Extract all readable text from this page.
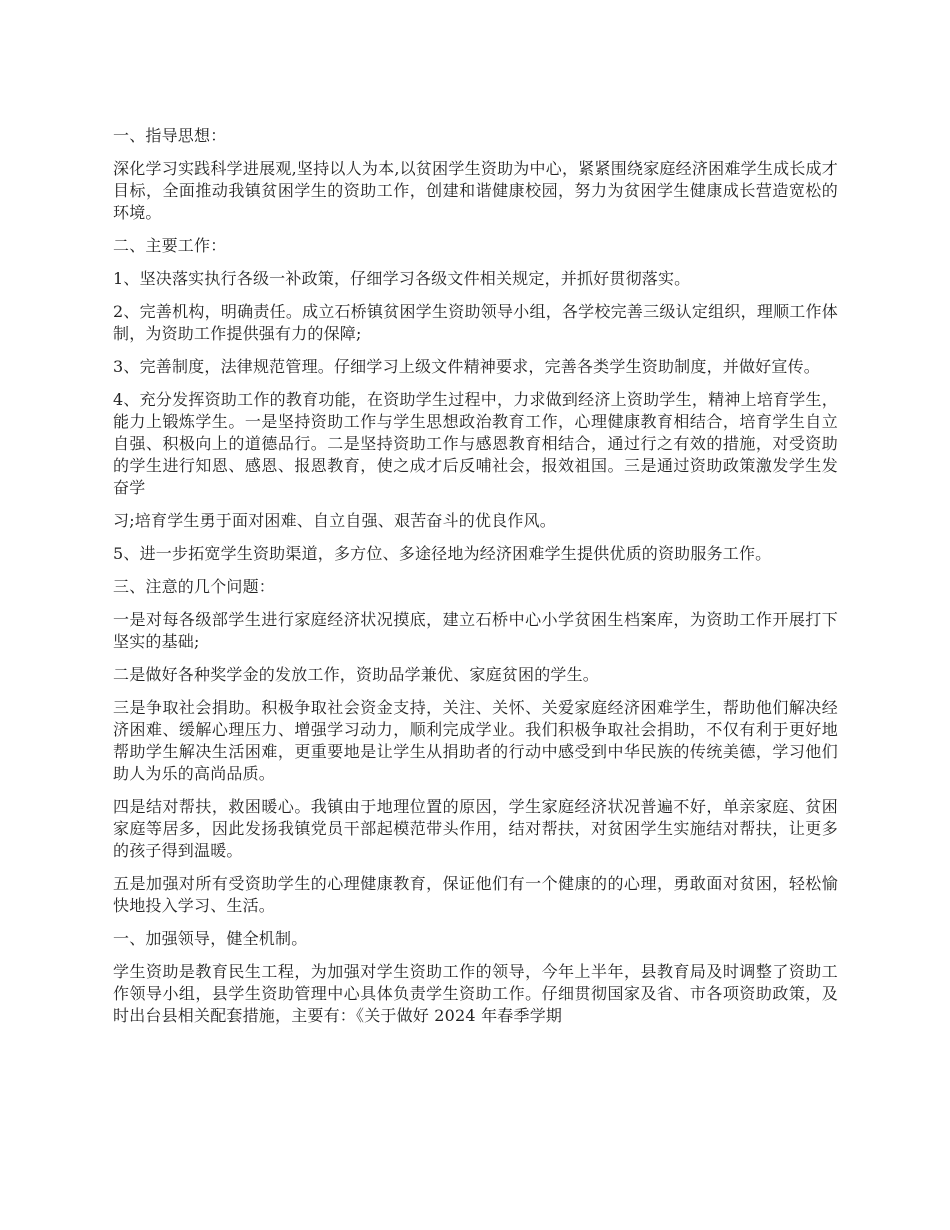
一、指导思想：

深化学习实践科学进展观,坚持以人为本,以贫困学生资助为中心，紧紧围绕家庭经济困难学生成长成才目标，全面推动我镇贫困学生的资助工作，创建和谐健康校园，努力为贫困学生健康成长营造宽松的环境。

二、主要工作：

1、坚决落实执行各级一补政策，仔细学习各级文件相关规定，并抓好贯彻落实。

2、完善机构，明确责任。成立石桥镇贫困学生资助领导小组，各学校完善三级认定组织，理顺工作体制，为资助工作提供强有力的保障;

3、完善制度，法律规范管理。仔细学习上级文件精神要求，完善各类学生资助制度，并做好宣传。

4、充分发挥资助工作的教育功能，在资助学生过程中，力求做到经济上资助学生，精神上培育学生，能力上锻炼学生。一是坚持资助工作与学生思想政治教育工作，心理健康教育相结合，培育学生自立自强、积极向上的道德品行。二是坚持资助工作与感恩教育相结合，通过行之有效的措施，对受资助的学生进行知恩、感恩、报恩教育，使之成才后反哺社会，报效祖国。三是通过资助政策激发学生发奋学

习;培育学生勇于面对困难、自立自强、艰苦奋斗的优良作风。

5、进一步拓宽学生资助渠道，多方位、多途径地为经济困难学生提供优质的资助服务工作。

三、注意的几个问题：

一是对每各级部学生进行家庭经济状况摸底，建立石桥中心小学贫困生档案库，为资助工作开展打下坚实的基础;

二是做好各种奖学金的发放工作，资助品学兼优、家庭贫困的学生。

三是争取社会捐助。积极争取社会资金支持，关注、关怀、关爱家庭经济困难学生，帮助他们解决经济困难、缓解心理压力、增强学习动力，顺利完成学业。我们积极争取社会捐助，不仅有利于更好地帮助学生解决生活困难，更重要地是让学生从捐助者的行动中感受到中华民族的传统美德，学习他们助人为乐的高尚品质。

四是结对帮扶，救困暖心。我镇由于地理位置的原因，学生家庭经济状况普遍不好，单亲家庭、贫困家庭等居多，因此发扬我镇党员干部起模范带头作用，结对帮扶，对贫困学生实施结对帮扶，让更多的孩子得到温暖。

五是加强对所有受资助学生的心理健康教育，保证他们有一个健康的的心理，勇敢面对贫困，轻松愉快地投入学习、生活。

一、加强领导，健全机制。

学生资助是教育民生工程，为加强对学生资助工作的领导，今年上半年，县教育局及时调整了资助工作领导小组，县学生资助管理中心具体负责学生资助工作。仔细贯彻国家及省、市各项资助政策，及时出台县相关配套措施，主要有：《关于做好 2024 年春季学期
